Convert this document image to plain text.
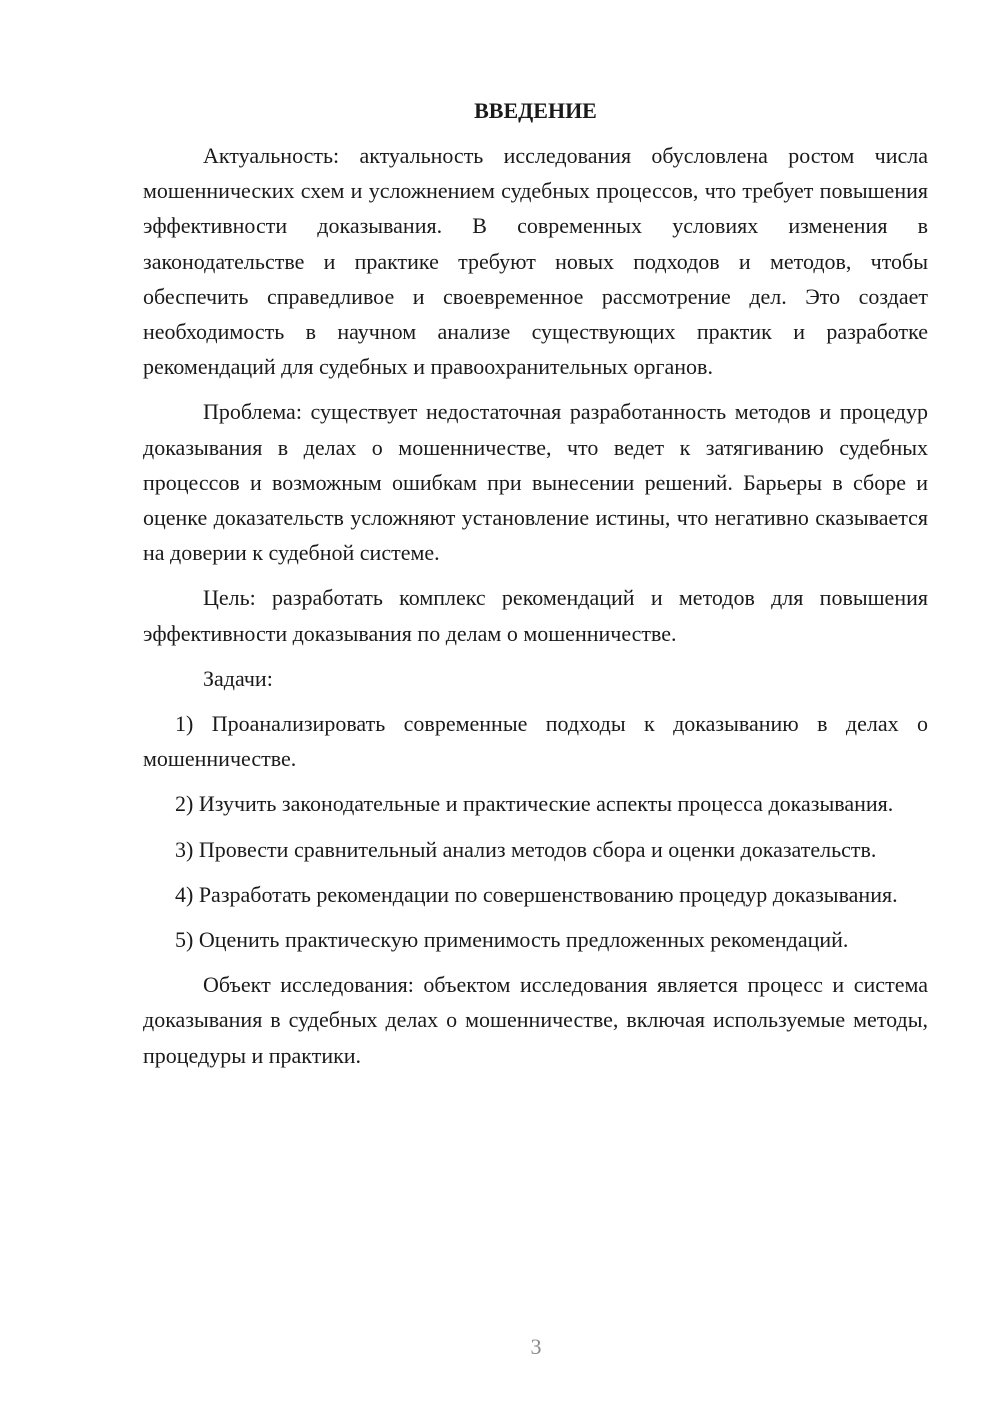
ВВЕДЕНИЕ

Актуальность: актуальность исследования обусловлена ростом числа мошеннических схем и усложнением судебных процессов, что требует повышения эффективности доказывания. В современных условиях изменения в законодательстве и практике требуют новых подходов и методов, чтобы обеспечить справедливое и своевременное рассмотрение дел. Это создает необходимость в научном анализе существующих практик и разработке рекомендаций для судебных и правоохранительных органов.

Проблема: существует недостаточная разработанность методов и процедур доказывания в делах о мошенничестве, что ведет к затягиванию судебных процессов и возможным ошибкам при вынесении решений. Барьеры в сборе и оценке доказательств усложняют установление истины, что негативно сказывается на доверии к судебной системе.

Цель: разработать комплекс рекомендаций и методов для повышения эффективности доказывания по делам о мошенничестве.

Задачи:

1) Проанализировать современные подходы к доказыванию в делах о мошенничестве.

2) Изучить законодательные и практические аспекты процесса доказывания.

3) Провести сравнительный анализ методов сбора и оценки доказательств.

4) Разработать рекомендации по совершенствованию процедур доказывания.

5) Оценить практическую применимость предложенных рекомендаций.

Объект исследования: объектом исследования является процесс и система доказывания в судебных делах о мошенничестве, включая используемые методы, процедуры и практики.

3
